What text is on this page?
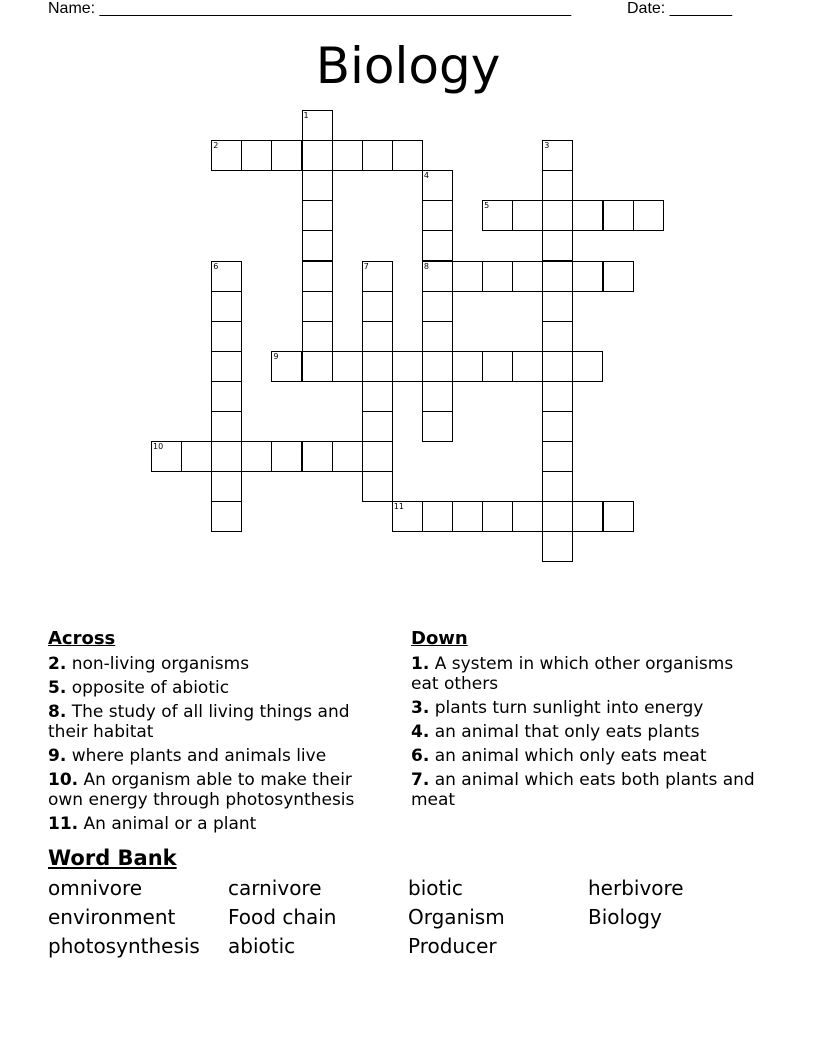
Name: _____________________________________________________	Date: _______
Biology
1
2	3
4
8
5
6	7
9
10
11
Across
2. non-living organisms
5. opposite of abiotic
8. The study of all living things and their habitat
9. where plants and animals live
10. An organism able to make their own energy through photosynthesis
11. An animal or a plant
Down
1. A system in which other organisms eat others
3. plants turn sunlight into energy
4. an animal that only eats plants
6. an animal which only eats meat
7. an animal which eats both plants and meat
Word Bank
omnivore	carnivore	biotic	herbivore
environment	Food chain	Organism	Biology
photosynthesis	abiotic	Producer
